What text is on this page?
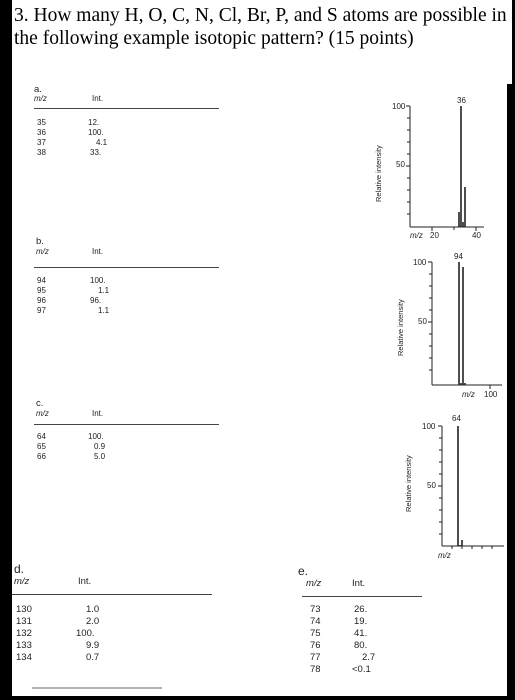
3. How many H, O, C, N, Cl, Br, P, and S atoms are possible in the following example isotopic pattern? (15 points)
a.
m/z	Int.
35	12.
36	100.
37	4.1
38	33.	Relative intensity
100
50
m/z 20	40
36
b.
m/z	Int.
94	100.
95	1.1
96	96.
97	1.1	Relative intensity
100
50
m/z 100
94
c.
m/z	Int.
64	100.
65	0.9
66	5.0	Relative intensity
100
50
m/z
64
d.
m/z	Int.
130	1.0
131	2.0
132	100.
133	9.9
134	0.7
e.
m/z	Int.
73	26.
74	19.
75	41.
76	80.
77	2.7
78	<0.1
